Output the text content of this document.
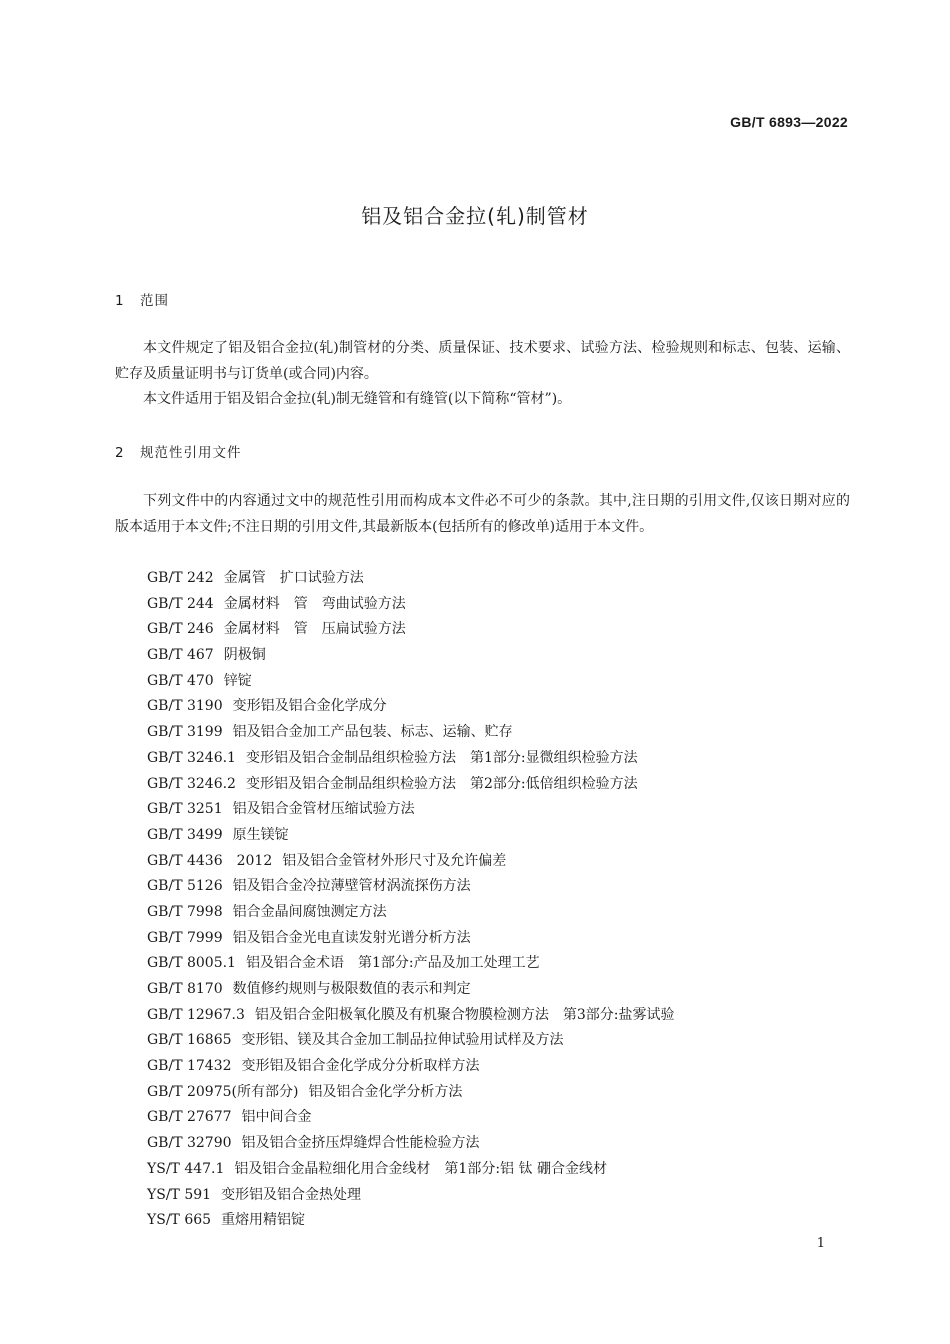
GB/T 6893—2022
铝及铝合金拉(轧)制管材
1 范围

本文件规定了铝及铝合金拉(轧)制管材的分类、质量保证、技术要求、试验方法、检验规则和标志、包装、运输、贮存及质量证明书与订货单(或合同)内容。

本文件适用于铝及铝合金拉(轧)制无缝管和有缝管(以下简称“管材”)。

2 规范性引用文件

下列文件中的内容通过文中的规范性引用而构成本文件必不可少的条款。其中,注日期的引用文件,仅该日期对应的版本适用于本文件;不注日期的引用文件,其最新版本(包括所有的修改单)适用于本文件。

GB/T 242 金属管　扩口试验方法
GB/T 244 金属材料　管　弯曲试验方法
GB/T 246 金属材料　管　压扁试验方法
GB/T 467 阴极铜
GB/T 470 锌锭
GB/T 3190 变形铝及铝合金化学成分
GB/T 3199 铝及铝合金加工产品包装、标志、运输、贮存
GB/T 3246.1 变形铝及铝合金制品组织检验方法　第1部分:显微组织检验方法
GB/T 3246.2 变形铝及铝合金制品组织检验方法　第2部分:低倍组织检验方法
GB/T 3251 铝及铝合金管材压缩试验方法
GB/T 3499 原生镁锭
GB/T 4436　2012 铝及铝合金管材外形尺寸及允许偏差
GB/T 5126 铝及铝合金冷拉薄壁管材涡流探伤方法
GB/T 7998 铝合金晶间腐蚀测定方法
GB/T 7999 铝及铝合金光电直读发射光谱分析方法
GB/T 8005.1 铝及铝合金术语　第1部分:产品及加工处理工艺
GB/T 8170 数值修约规则与极限数值的表示和判定
GB/T 12967.3 铝及铝合金阳极氧化膜及有机聚合物膜检测方法　第3部分:盐雾试验
GB/T 16865 变形铝、镁及其合金加工制品拉伸试验用试样及方法
GB/T 17432 变形铝及铝合金化学成分分析取样方法
GB/T 20975(所有部分) 铝及铝合金化学分析方法
GB/T 27677 铝中间合金
GB/T 32790 铝及铝合金挤压焊缝焊合性能检验方法
YS/T 447.1 铝及铝合金晶粒细化用合金线材　第1部分:铝 钛 硼合金线材
YS/T 591 变形铝及铝合金热处理
YS/T 665 重熔用精铝锭
1
